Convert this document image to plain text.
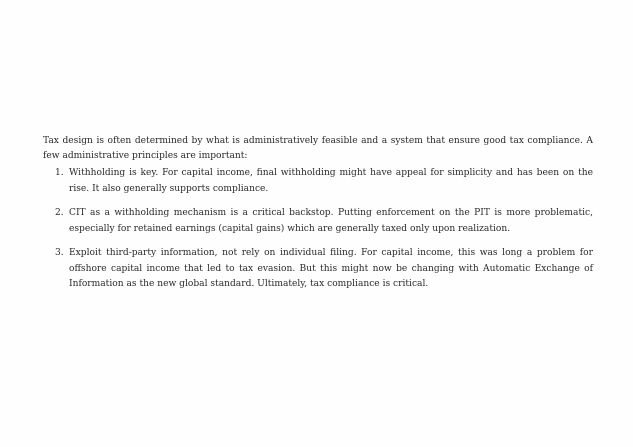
Tax design is often determined by what is administratively feasible and a system that ensure good tax compliance. A few administrative principles are important:

1. Withholding is key. For capital income, final withholding might have appeal for simplicity and has been on the rise. It also generally supports compliance.
2. CIT as a withholding mechanism is a critical backstop. Putting enforcement on the PIT is more problematic, especially for retained earnings (capital gains) which are generally taxed only upon realization.
3. Exploit third-party information, not rely on individual filing. For capital income, this was long a problem for offshore capital income that led to tax evasion. But this might now be changing with Automatic Exchange of Information as the new global standard. Ultimately, tax compliance is critical.
